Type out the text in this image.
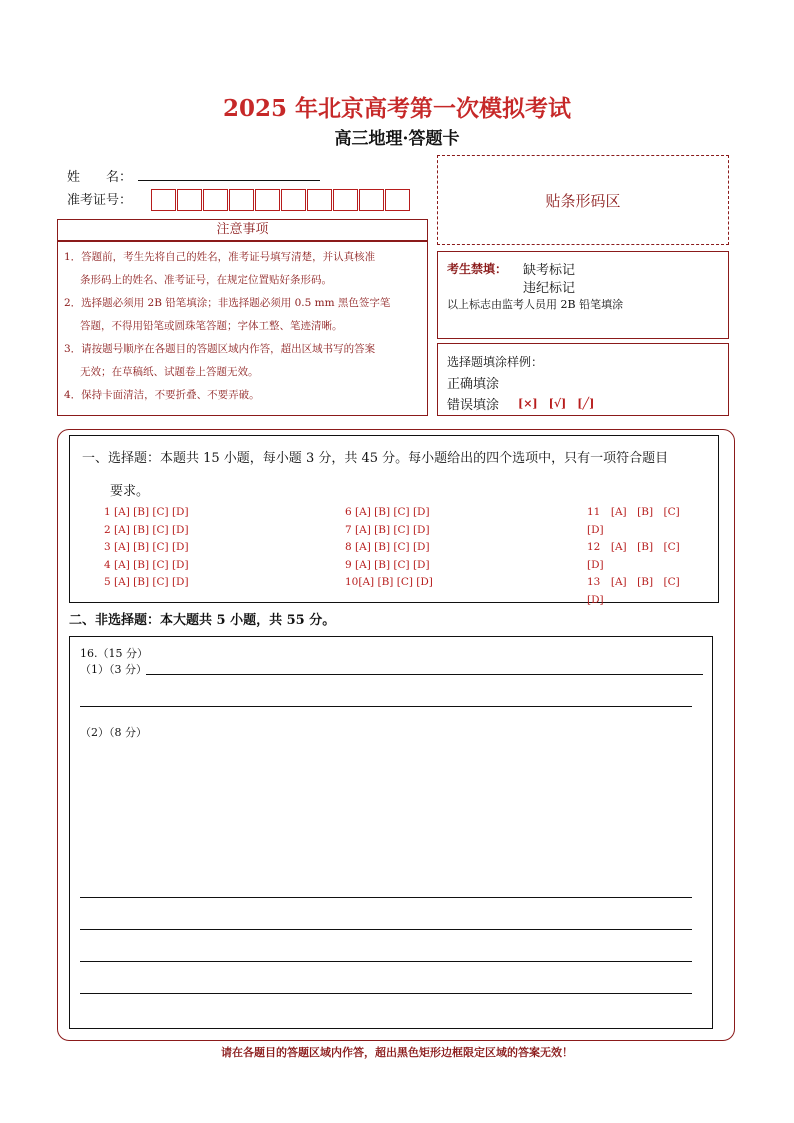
2025 年北京高考第一次模拟考试
高三地理·答题卡
姓　　名：
准考证号：	贴条形码区
注意事项
1．答题前，考生先将自己的姓名，准考证号填写清楚，并认真核准
条形码上的姓名、准考证号，在规定位置贴好条形码。
2．选择题必须用 2B 铅笔填涂；非选择题必须用 0.5 mm 黑色签字笔
答题，不得用铅笔或圆珠笔答题；字体工整、笔迹清晰。
3．请按题号顺序在各题目的答题区域内作答，超出区域书写的答案
无效；在草稿纸、试题卷上答题无效。
4．保持卡面清洁，不要折叠、不要弄破。
考生禁填： 缺考标记
违纪标记
以上标志由监考人员用 2B 铅笔填涂
选择题填涂样例：
正确填涂
错误填涂 [×]　[√]　[╱]
一、选择题：本题共 15 小题，每小题 3 分，共 45 分。每小题给出的四个选项中，只有一项符合题目
要求。
1 [A] [B] [C] [D]
2 [A] [B] [C] [D]
3 [A] [B] [C] [D]
4 [A] [B] [C] [D]
5 [A] [B] [C] [D]
6 [A] [B] [C] [D]
7 [A] [B] [C] [D]
8 [A] [B] [C] [D]
9 [A] [B] [C] [D]
10[A] [B] [C] [D]
11　[A]　[B]　[C]
[D]
12　[A]　[B]　[C]
[D]
13　[A]　[B]　[C]
[D]
二、非选择题：本大题共 5 小题，共 55 分。
16.（15 分）
（1）（3 分）
（2）（8 分）
请在各题目的答题区域内作答，超出黑色矩形边框限定区域的答案无效！
